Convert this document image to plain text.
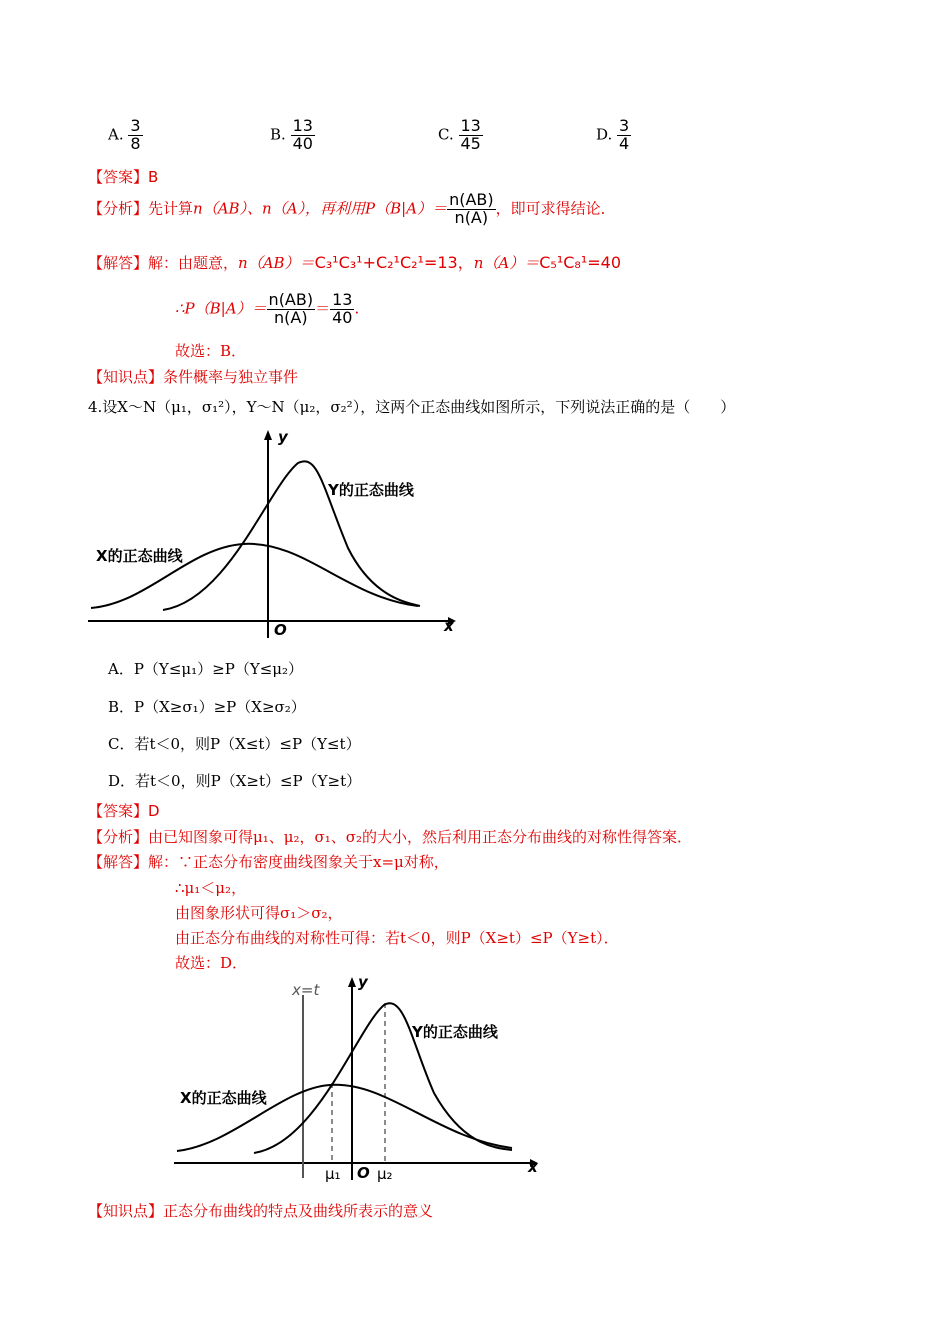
A. $\frac{3}{8}$	B. $\frac{13}{40}$	C. $\frac{13}{45}$	D. $\frac{3}{4}$
【答案】B
【分析】先计算n（AB）、n（A），再利用$P(B|A)= \frac{n(AB)}{n(A)}$ ，即可求得结论．
【解答】解：由题意，n（AB）＝C₃¹C₃¹+C₂¹C₂¹=13，n（A）＝C₅¹C₈¹=40
∴P（B|A）＝ $\frac{n(AB)}{n(A)} = \frac{13}{40}$ .
故选：B．
【知识点】条件概率与独立事件
4.设X～N（μ₁，σ₁²），Y～N（μ₂，σ₂²），这两个正态曲线如图所示，下列说法正确的是（　　）
y
x
O
Y的正态曲线
X的正态曲线
A．P（Y≤μ₁）≥P（Y≤μ₂）
B．P（X≥σ₁）≥P（X≥σ₂）
C．若t＜0，则P（X≤t）≤P（Y≤t）
D．若t＜0，则P（X≥t）≤P（Y≥t）
【答案】D
【分析】由已知图象可得μ₁、μ₂，σ₁、σ₂的大小，然后利用正态分布曲线的对称性得答案．
【解答】解：∵正态分布密度曲线图象关于x=μ对称，
∴μ₁＜μ₂，
由图象形状可得σ₁＞σ₂，
由正态分布曲线的对称性可得：若t＜0，则P（X≥t）≤P（Y≥t）．
故选：D．
x=t	y
x
O
μ₁ μ₂
Y的正态曲线
X的正态曲线
【知识点】正态分布曲线的特点及曲线所表示的意义
